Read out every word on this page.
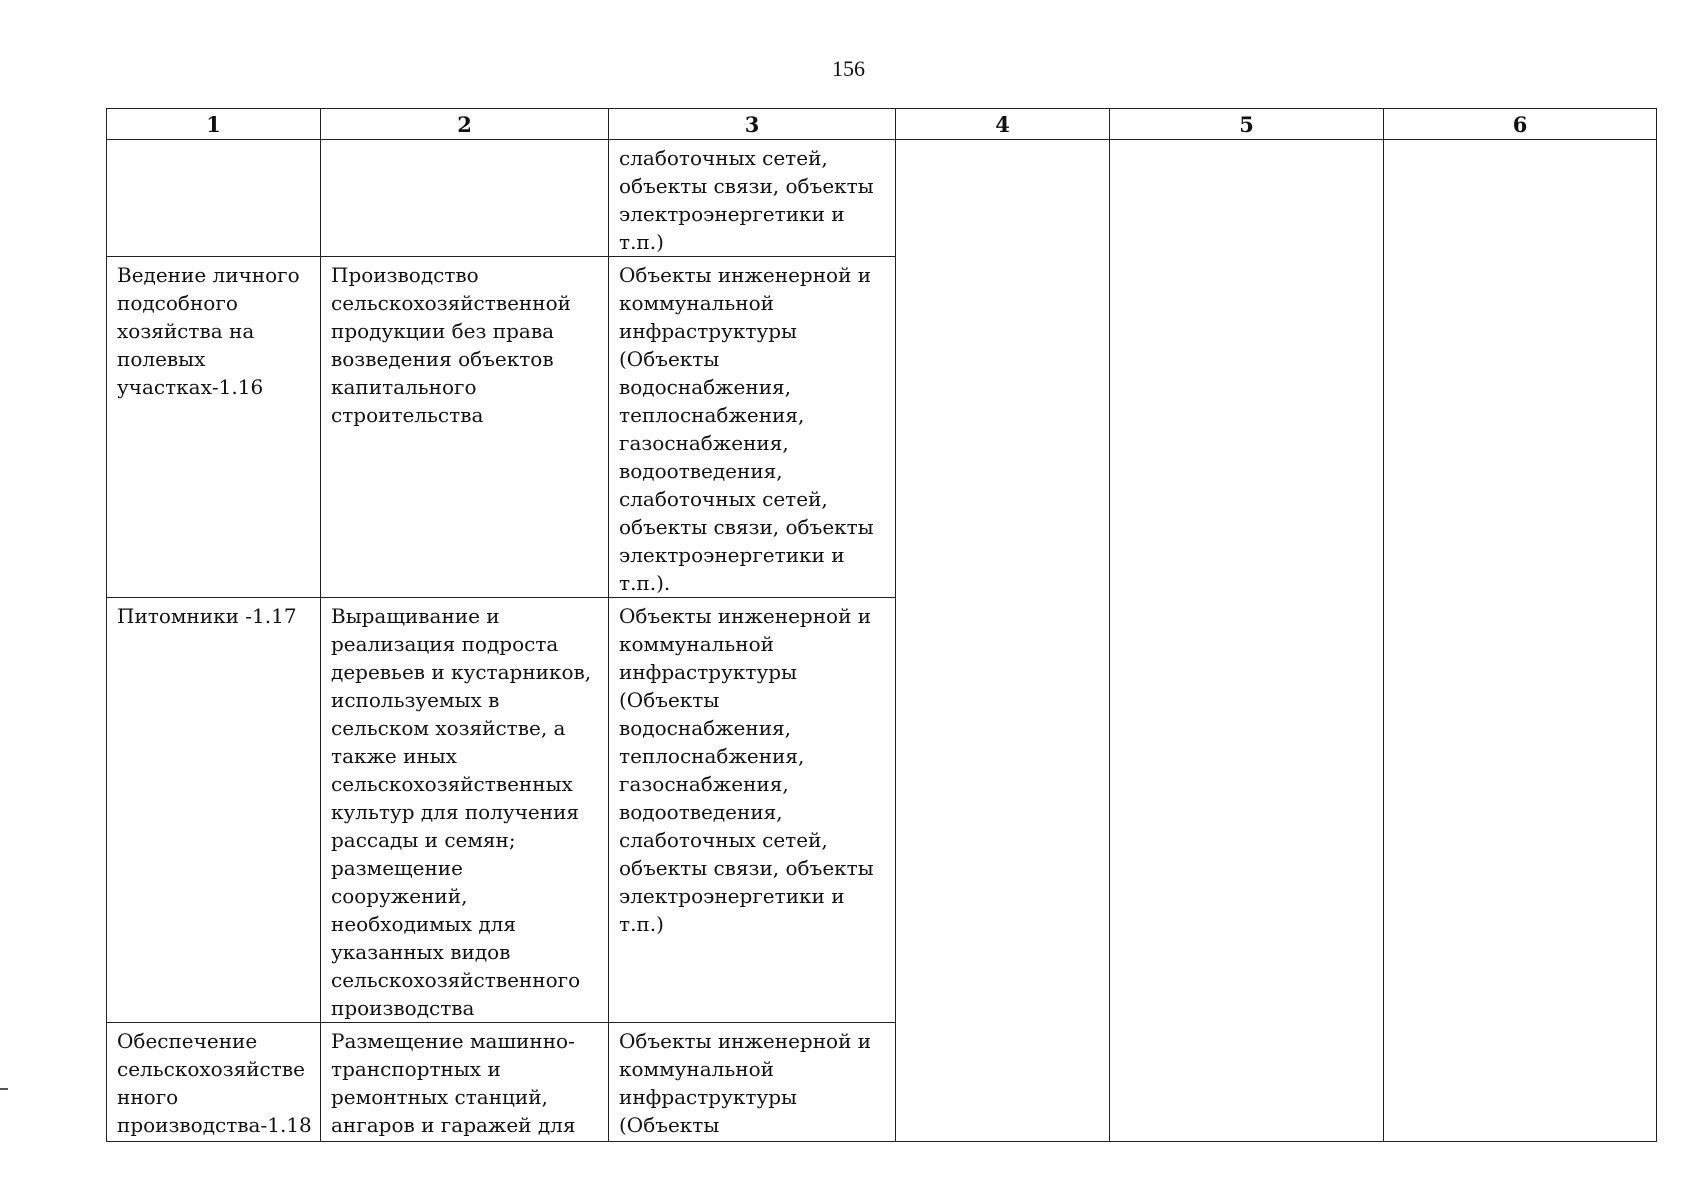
156
1	2	3	4	5	6
		слаботочных сетей, объекты связи, объекты электроэнергетики и т.п.)			
Ведение личного подсобного хозяйства на полевых участках-1.16	Производство сельскохозяйственной продукции без права возведения объектов капитального строительства	Объекты инженерной и коммунальной инфраструктуры (Объекты водоснабжения, теплоснабжения, газоснабжения, водоотведения, слаботочных сетей, объекты связи, объекты электроэнергетики и т.п.).			
Питомники -1.17	Выращивание и реализация подроста деревьев и кустарников, используемых в сельском хозяйстве, а также иных сельскохозяйственных культур для получения рассады и семян; размещение сооружений, необходимых для указанных видов сельскохозяйственного производства	Объекты инженерной и коммунальной инфраструктуры (Объекты водоснабжения, теплоснабжения, газоснабжения, водоотведения, слаботочных сетей, объекты связи, объекты электроэнергетики и т.п.)			
Обеспечение сельскохозяйстве нного производства-1.18	Размещение машинно-транспортных и ремонтных станций, ангаров и гаражей для	Объекты инженерной и коммунальной инфраструктуры (Объекты			
